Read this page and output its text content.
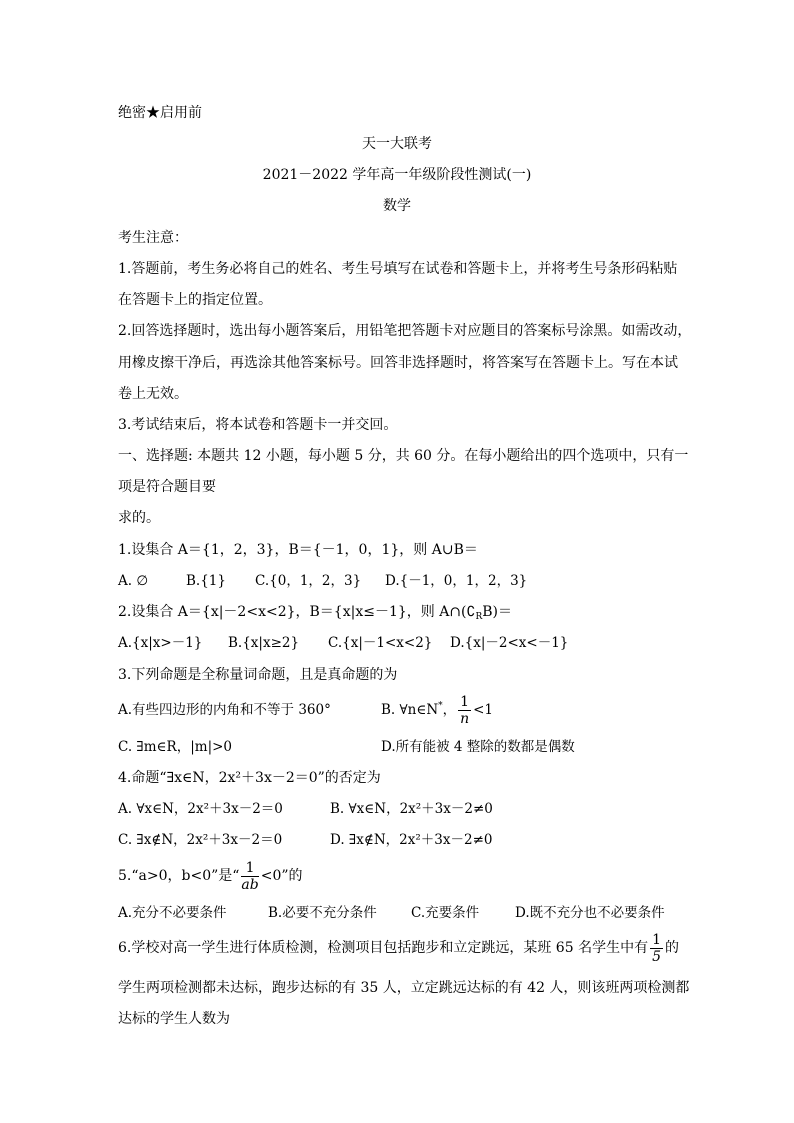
绝密★启用前
天一大联考
2021－2022 学年高一年级阶段性测试(一)
数学
考生注意：
1.答题前，考生务必将自己的姓名、考生号填写在试卷和答题卡上，并将考生号条形码粘贴
在答题卡上的指定位置。
2.回答选择题时，选出每小题答案后，用铅笔把答题卡对应题目的答案标号涂黑。如需改动，
用橡皮擦干净后，再选涂其他答案标号。回答非选择题时，将答案写在答题卡上。写在本试
卷上无效。
3.考试结束后，将本试卷和答题卡一并交回。
一、选择题: 本题共 12 小题，每小题 5 分，共 60 分。在每小题给出的四个选项中，只有一
项是符合题目要
求的。
1.设集合 A＝{1，2，3}，B＝{－1，0，1}，则 A∪B＝
A. ∅	B.{1} C.{0，1，2，3} D.{－1，0，1，2，3}
2.设集合 A＝{x|－2<x<2}，B＝{x|x≤－1}，则 $A\cap(∁_RB)=$
A.{x|x>－1} B.{x|x≥2} C.{x|－1<x<2} D.{x|－2<x<－1}
3.下列命题是全称量词命题，且是真命题的为
A.有些四边形的内角和不等于 360°	B. ∀n∈N*， $\frac{1}{n} <1$
C. ∃m∈R，|m|>0	D.所有能被 4 整除的数都是偶数
4.命题“∃x∈N，2x²＋3x－2＝0”的否定为
A. ∀x∈N，2x²＋3x－2＝0	B. ∀x∈N，2x²＋3x－2≠0
C. ∃x∉N，2x²＋3x－2＝0	D. ∃x∉N，2x²＋3x－2≠0
5.“a>0，b<0”是“ $\frac{1}{ab} <0$”的
A.充分不必要条件	B.必要不充分条件	C.充要条件	D.既不充分也不必要条件
6.学校对高一学生进行体质检测，检测项目包括跑步和立定跳远，某班 65 名学生中有 $\frac{1}{5}$ 的
学生两项检测都未达标，跑步达标的有 35 人，立定跳远达标的有 42 人，则该班两项检测都
达标的学生人数为
